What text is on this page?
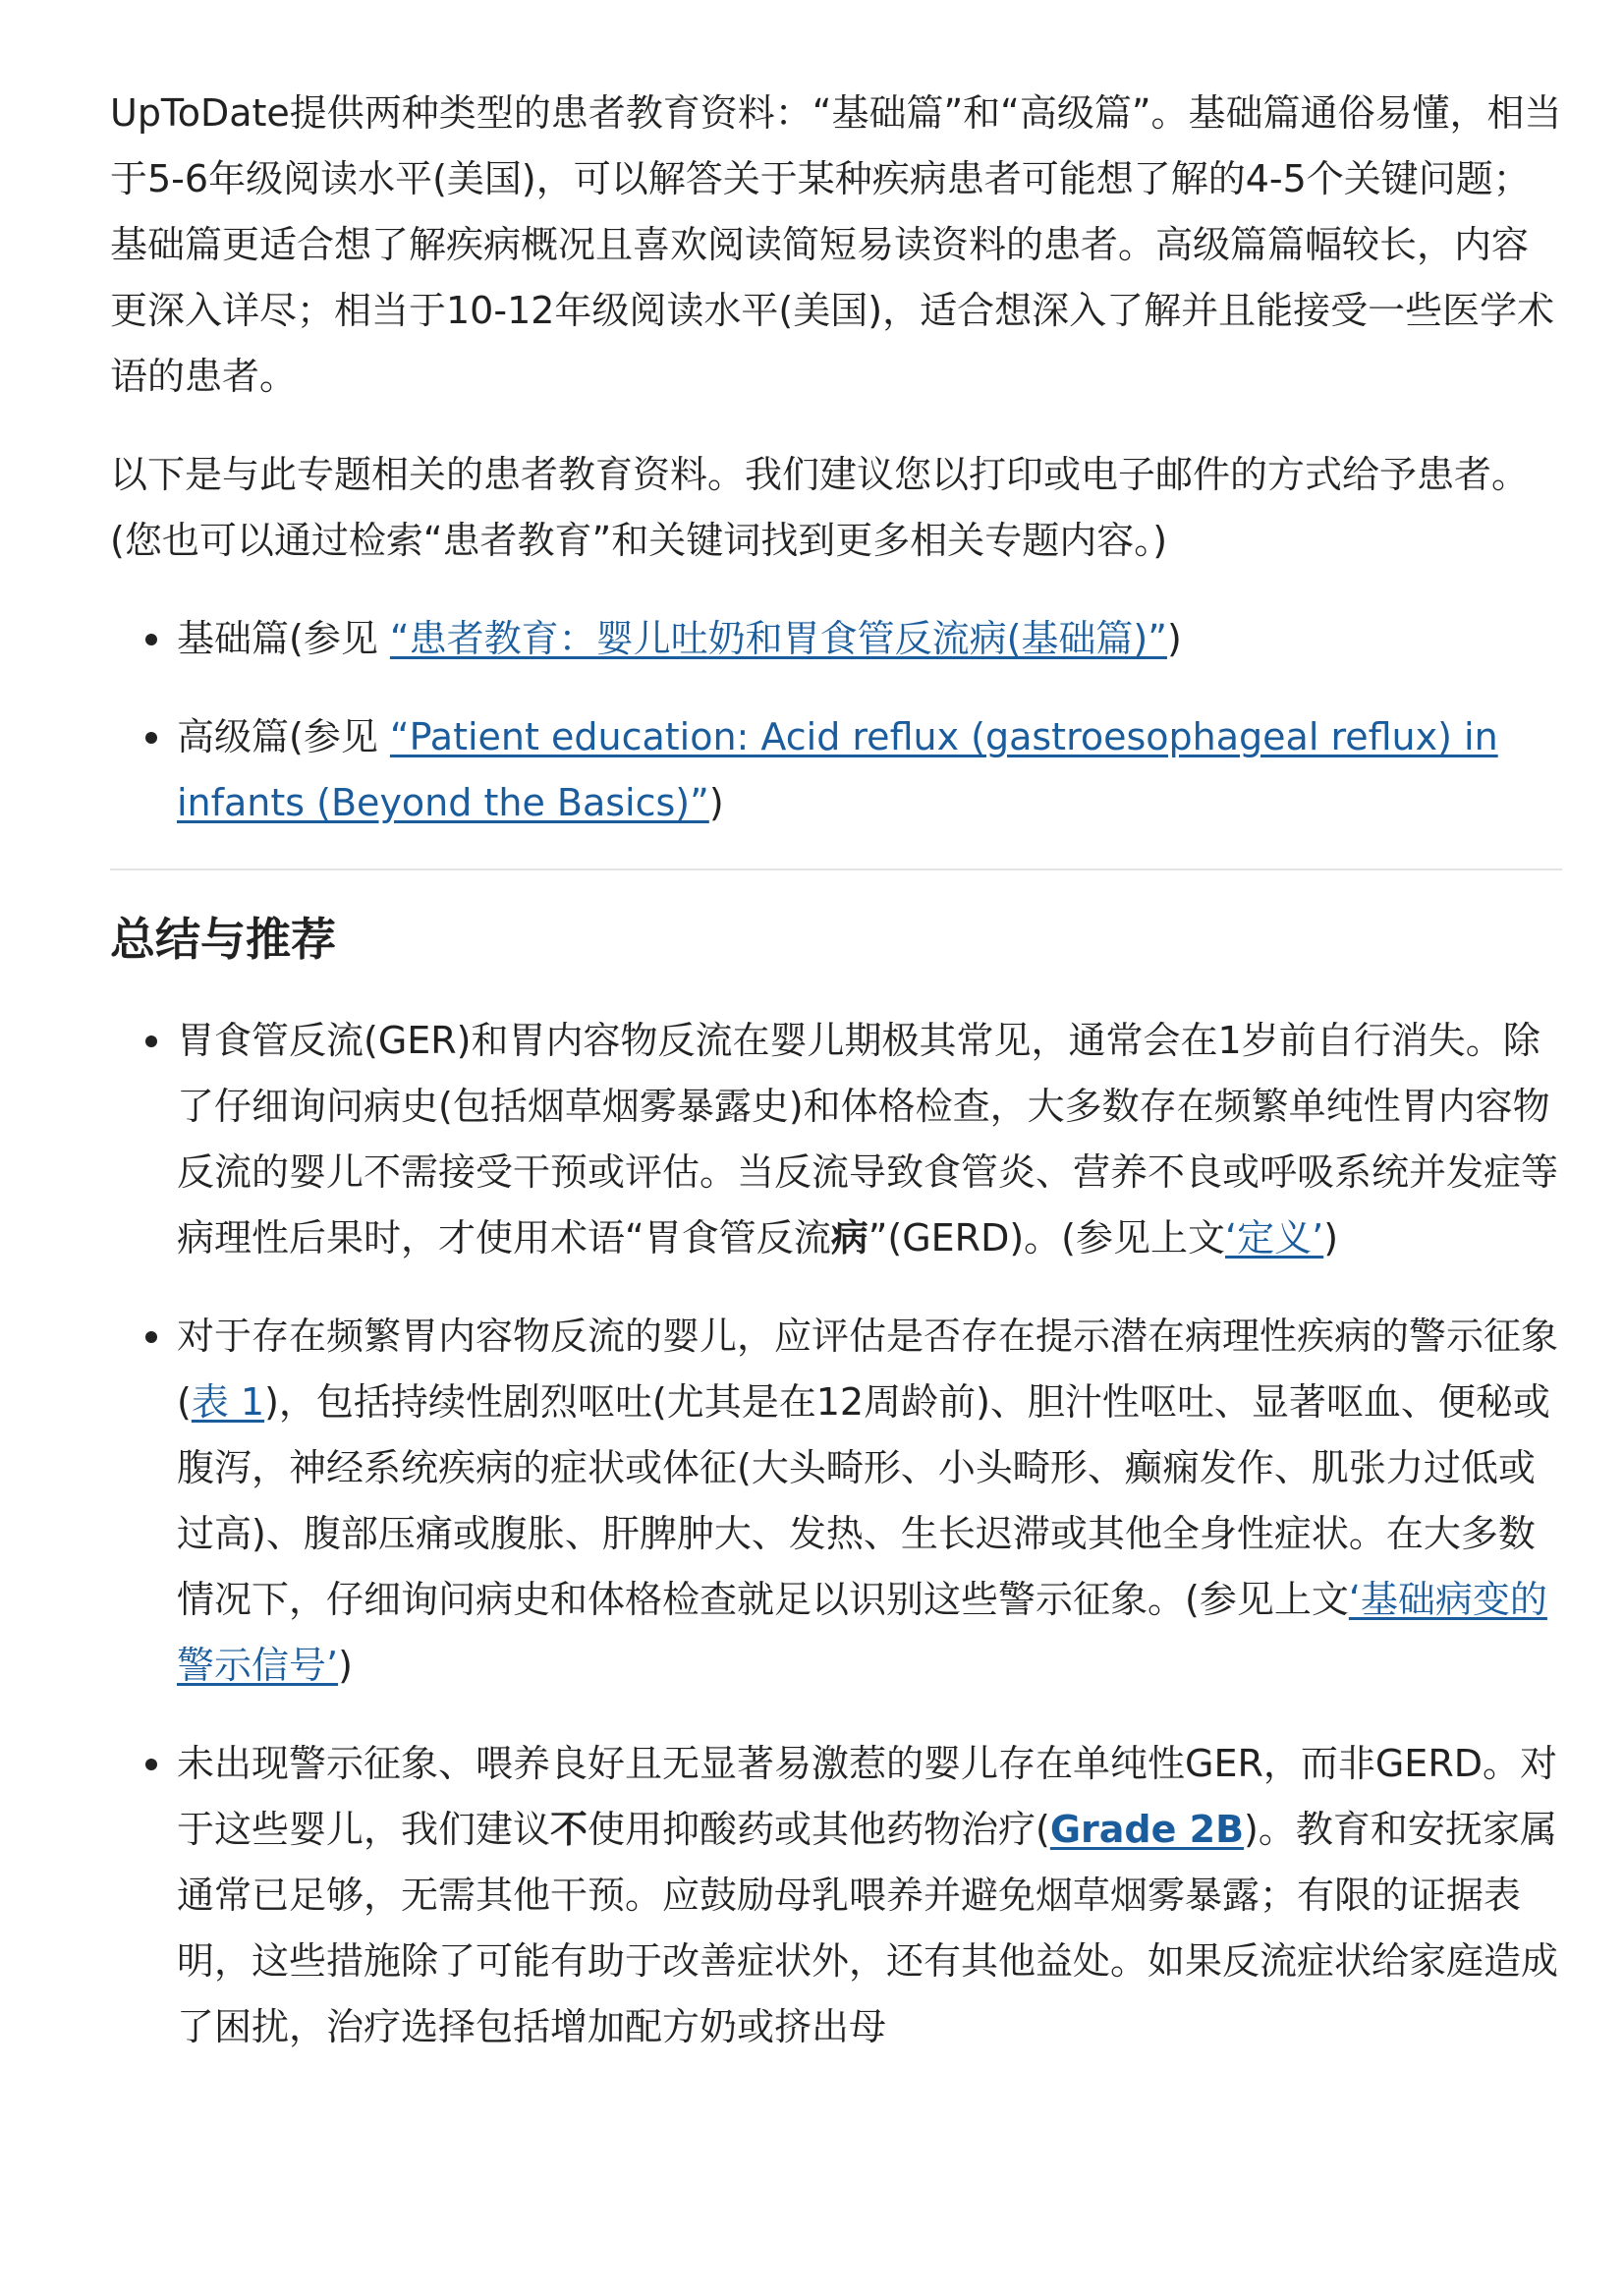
UpToDate提供两种类型的患者教育资料：“基础篇”和“高级篇”。基础篇通俗易懂，相当于5-6年级阅读水平(美国)，可以解答关于某种疾病患者可能想了解的4-5个关键问题；基础篇更适合想了解疾病概况且喜欢阅读简短易读资料的患者。高级篇篇幅较长，内容更深入详尽；相当于10-12年级阅读水平(美国)，适合想深入了解并且能接受一些医学术语的患者。

以下是与此专题相关的患者教育资料。我们建议您以打印或电子邮件的方式给予患者。(您也可以通过检索“患者教育”和关键词找到更多相关专题内容。)

基础篇(参见 “患者教育：婴儿吐奶和胃食管反流病(基础篇)”)
高级篇(参见 “Patient education: Acid reflux (gastroesophageal reflux) in infants (Beyond the Basics)”)
总结与推荐
胃食管反流(GER)和胃内容物反流在婴儿期极其常见，通常会在1岁前自行消失。除了仔细询问病史(包括烟草烟雾暴露史)和体格检查，大多数存在频繁单纯性胃内容物反流的婴儿不需接受干预或评估。当反流导致食管炎、营养不良或呼吸系统并发症等病理性后果时，才使用术语“胃食管反流病”(GERD)。(参见上文‘定义’)
对于存在频繁胃内容物反流的婴儿，应评估是否存在提示潜在病理性疾病的警示征象(表 1)，包括持续性剧烈呕吐(尤其是在12周龄前)、胆汁性呕吐、显著呕血、便秘或腹泻，神经系统疾病的症状或体征(大头畸形、小头畸形、癫痫发作、肌张力过低或过高)、腹部压痛或腹胀、肝脾肿大、发热、生长迟滞或其他全身性症状。在大多数情况下，仔细询问病史和体格检查就足以识别这些警示征象。(参见上文‘基础病变的警示信号’)
未出现警示征象、喂养良好且无显著易激惹的婴儿存在单纯性GER，而非GERD。对于这些婴儿，我们建议不使用抑酸药或其他药物治疗(Grade 2B)。教育和安抚家属通常已足够，无需其他干预。应鼓励母乳喂养并避免烟草烟雾暴露；有限的证据表明，这些措施除了可能有助于改善症状外，还有其他益处。如果反流症状给家庭造成了困扰，治疗选择包括增加配方奶或挤出母
